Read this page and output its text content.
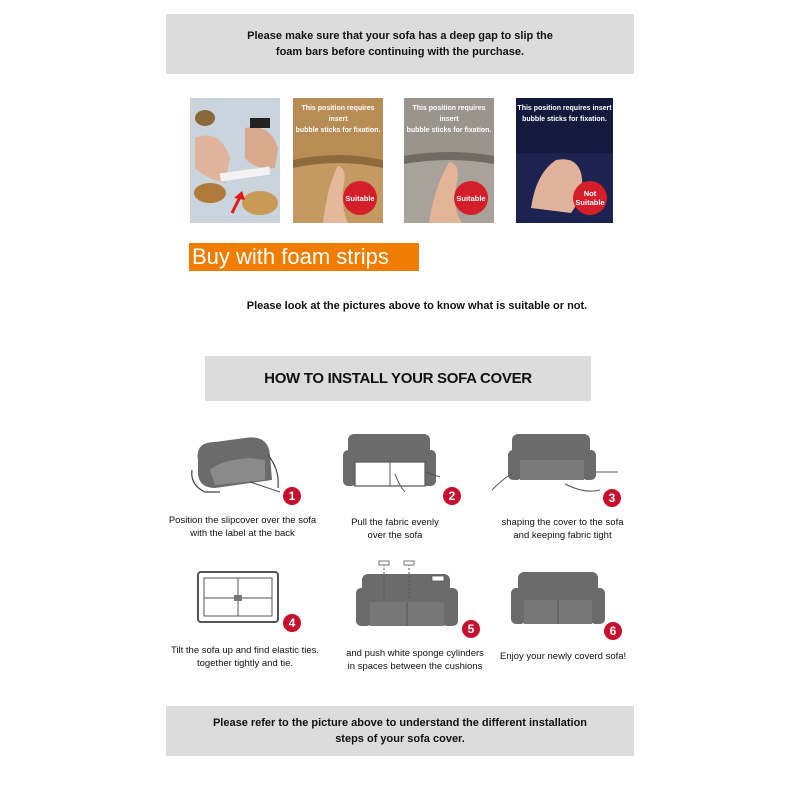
Please make sure that your sofa has a deep gap to slip the
foam bars before continuing with the purchase.
This position requires insert
bubble sticks for fixation.
Suitable
This position requires insert
bubble sticks for fixation.
Suitable
This position requires insert
bubble sticks for fixation.
Not
Suitable
Buy with foam strips
Please look at the pictures above to know what is suitable or not.
HOW TO INSTALL YOUR SOFA COVER
1
Position the slipcover over the sofa
with the label at the back
2
Pull the fabric evenly
over the sofa
3
shaping the cover to the sofa
and keeping fabric tight
4
Tilt the sofa up and find elastic ties.
together tightly and tie.
5
and push white sponge cylinders
in spaces between the cushions
6
Enjoy your newly coverd sofa!
Please refer to the picture above to understand the different installation
steps of your sofa cover.
